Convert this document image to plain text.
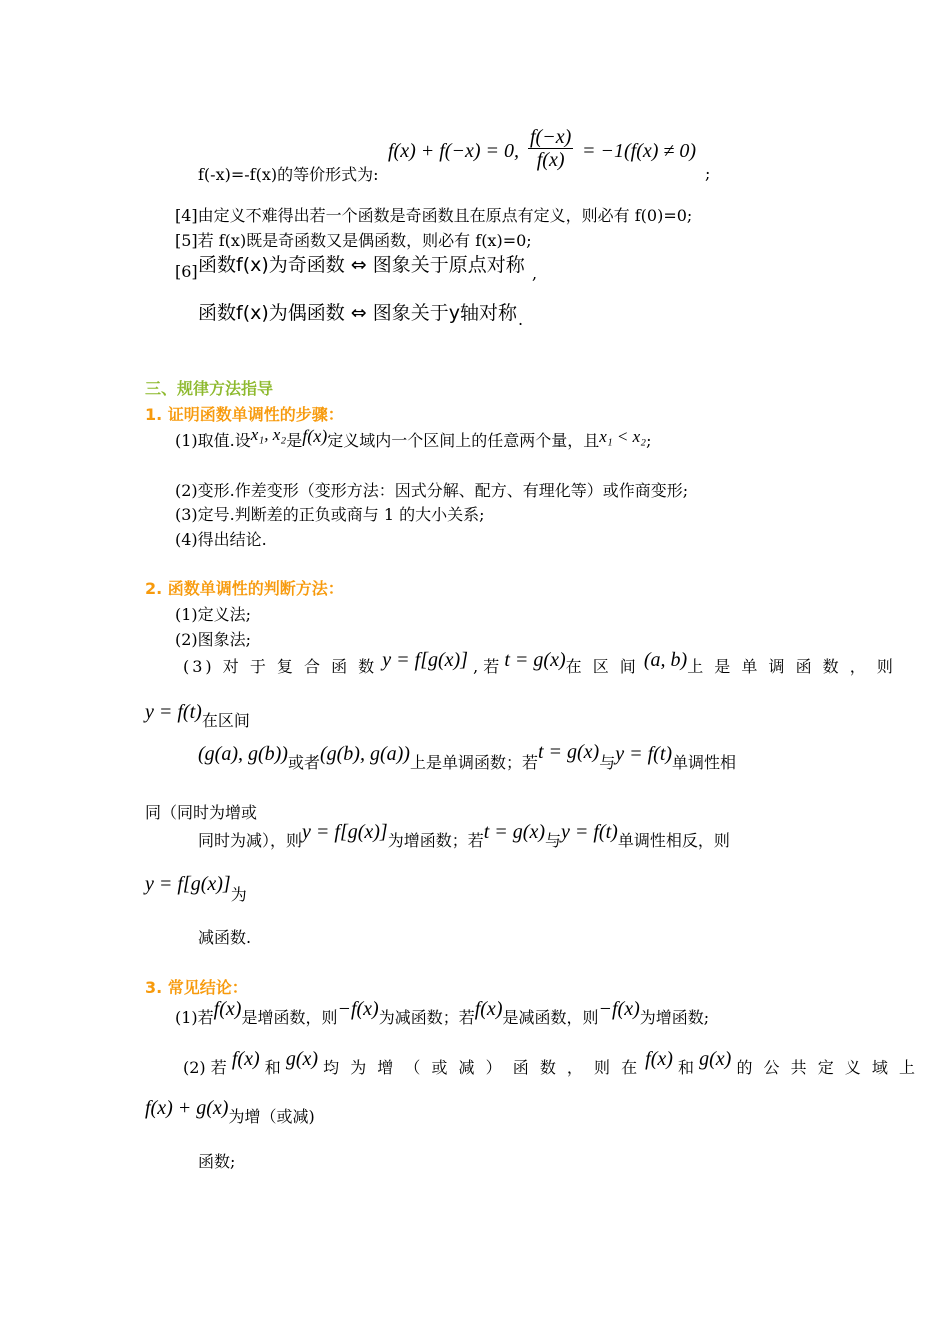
f(x) + f(−x) = 0, $\frac{f(-x)}{f(x)} = -1(f(x) \ne 0)$
f(-x)=-f(x)的等价形式为:	;
[4]由定义不难得出若一个函数是奇函数且在原点有定义，则必有 f(0)=0;
[5]若 f(x)既是奇函数又是偶函数，则必有 f(x)=0;
[6] 函数f(x)为奇函数 ⇔ 图象关于原点对称 ,
函数f(x)为偶函数 ⇔ 图象关于y轴对称 .
三、规律方法指导
1. 证明函数单调性的步骤：
(1)取值.设x₁, x₂是f(x)定义域内一个区间上的任意两个量，且x₁ < x₂;
(2)变形.作差变形（变形方法：因式分解、配方、有理化等）或作商变形;
(3)定号.判断差的正负或商与 1 的大小关系;
(4)得出结论.
2. 函数单调性的判断方法：
(1)定义法;
(2)图象法;
(3) 对 于 复 合 函 数 y = f[g(x)] , 若 t = g(x)在 区 间 (a, b)上 是 单 调 函 数 ， 则
y = f(t)在区间
(g(a), g(b))或者(g(b), g(a))上是单调函数；若t = g(x)与y = f(t)单调性相
同（同时为增或
同时为减），则y = f[g(x)]为增函数；若t = g(x)与y = f(t)单调性相反，则
y = f[g(x)]为
减函数.
3. 常见结论：
(1)若f(x)是增函数，则−f(x)为减函数；若f(x)是减函数，则−f(x)为增函数;
(2) 若 f(x) 和 g(x) 均 为 增 （ 或 减 ） 函 数 ， 则 在 f(x) 和 g(x) 的 公 共 定 义 域 上
f(x) + g(x)为增（或减)
函数;
